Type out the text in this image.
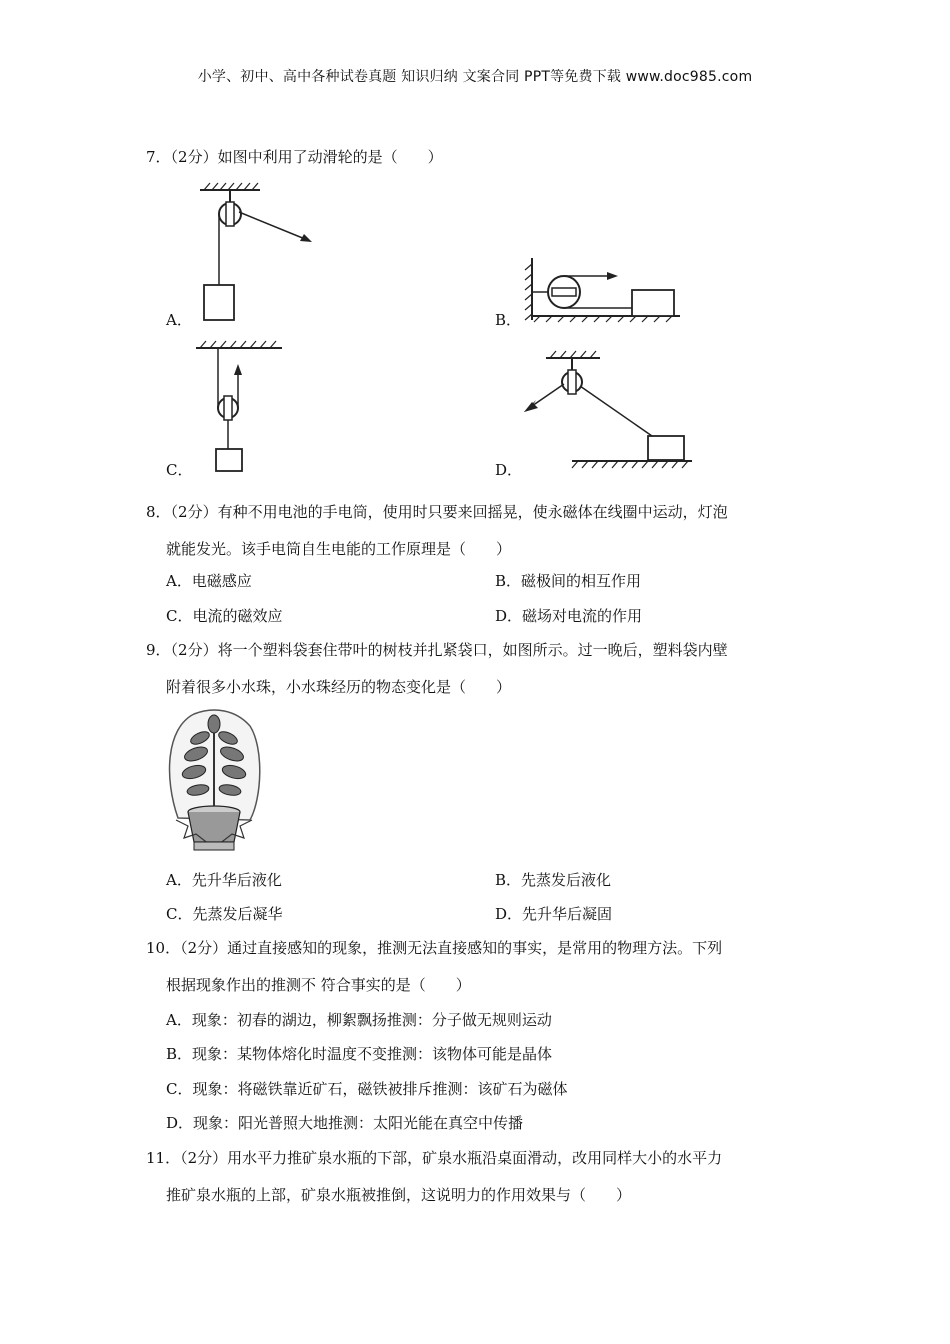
小学、初中、高中各种试卷真题 知识归纳 文案合同 PPT等免费下载 www.doc985.com
7．（2分）如图中利用了动滑轮的是（　　）
A．	B．
C．	D．
8．（2分）有种不用电池的手电筒，使用时只要来回摇晃，使永磁体在线圈中运动，灯泡
就能发光。该手电筒自生电能的工作原理是（　　）
A．电磁感应	B．磁极间的相互作用
C．电流的磁效应	D．磁场对电流的作用
9．（2分）将一个塑料袋套住带叶的树枝并扎紧袋口，如图所示。过一晚后，塑料袋内壁
附着很多小水珠，小水珠经历的物态变化是（　　）
A．先升华后液化	B．先蒸发后液化
C．先蒸发后凝华	D．先升华后凝固
10．（2分）通过直接感知的现象，推测无法直接感知的事实，是常用的物理方法。下列
根据现象作出的推测不 符合事实的是（　　）
A．现象：初春的湖边，柳絮飘扬推测：分子做无规则运动
B．现象：某物体熔化时温度不变推测：该物体可能是晶体
C．现象：将磁铁靠近矿石，磁铁被排斥推测：该矿石为磁体
D．现象：阳光普照大地推测：太阳光能在真空中传播
11．（2分）用水平力推矿泉水瓶的下部，矿泉水瓶沿桌面滑动，改用同样大小的水平力
推矿泉水瓶的上部，矿泉水瓶被推倒，这说明力的作用效果与（　　）
